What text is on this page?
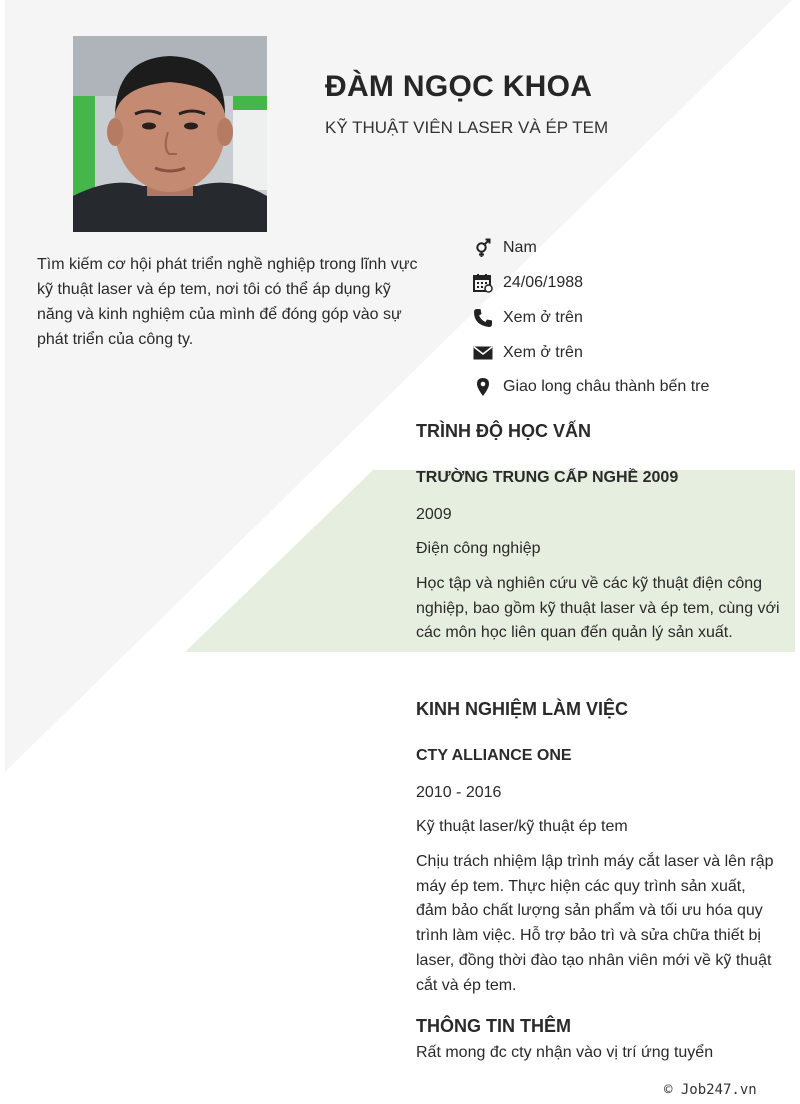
ĐÀM NGỌC KHOA
KỸ THUẬT VIÊN LASER VÀ ÉP TEM
Tìm kiếm cơ hội phát triển nghề nghiệp trong lĩnh vực kỹ thuật laser và ép tem, nơi tôi có thể áp dụng kỹ năng và kinh nghiệm của mình để đóng góp vào sự phát triển của công ty.
Nam
24/06/1988
Xem ở trên
Xem ở trên
Giao long châu thành bến tre
TRÌNH ĐỘ HỌC VẤN
TRƯỜNG TRUNG CẤP NGHỀ 2009
2009
Điện công nghiệp
Học tập và nghiên cứu về các kỹ thuật điện công nghiệp, bao gồm kỹ thuật laser và ép tem, cùng với các môn học liên quan đến quản lý sản xuất.
KINH NGHIỆM LÀM VIỆC
CTY ALLIANCE ONE
2010 - 2016
Kỹ thuật laser/kỹ thuật ép tem
Chịu trách nhiệm lập trình máy cắt laser và lên rập máy ép tem. Thực hiện các quy trình sản xuất, đảm bảo chất lượng sản phẩm và tối ưu hóa quy trình làm việc. Hỗ trợ bảo trì và sửa chữa thiết bị laser, đồng thời đào tạo nhân viên mới về kỹ thuật cắt và ép tem.
THÔNG TIN THÊM
Rất mong đc cty nhận vào vị trí ứng tuyển
© Job247.vn
